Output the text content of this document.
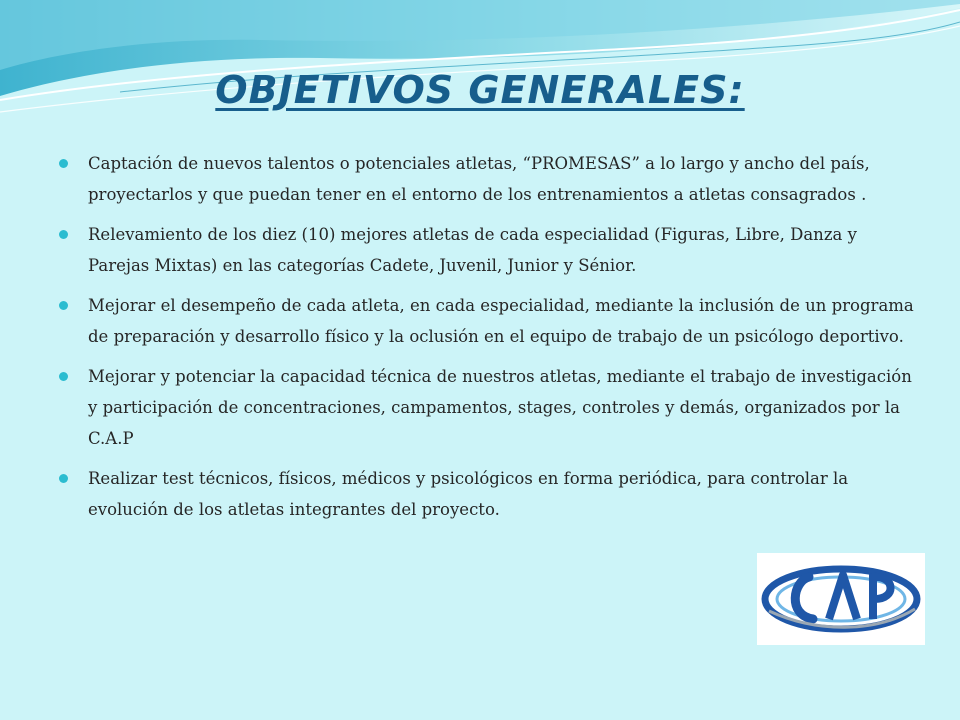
OBJETIVOS GENERALES:
Captación de nuevos talentos o potenciales atletas, “PROMESAS” a lo largo y ancho del país, proyectarlos y que puedan tener en el entorno de los entrenamientos a atletas consagrados .
Relevamiento de los diez (10) mejores atletas de cada especialidad (Figuras, Libre, Danza y Parejas Mixtas) en las categorías Cadete, Juvenil, Junior y Sénior.
Mejorar el desempeño de cada atleta, en cada especialidad, mediante la inclusión de un programa de preparación y desarrollo físico y la oclusión en el equipo de trabajo de un psicólogo deportivo.
Mejorar y potenciar la capacidad técnica de nuestros atletas, mediante el trabajo de investigación y participación de concentraciones, campamentos, stages, controles y demás, organizados por la C.A.P
Realizar test técnicos, físicos, médicos y psicológicos en forma periódica, para controlar la evolución de los atletas integrantes del proyecto.
